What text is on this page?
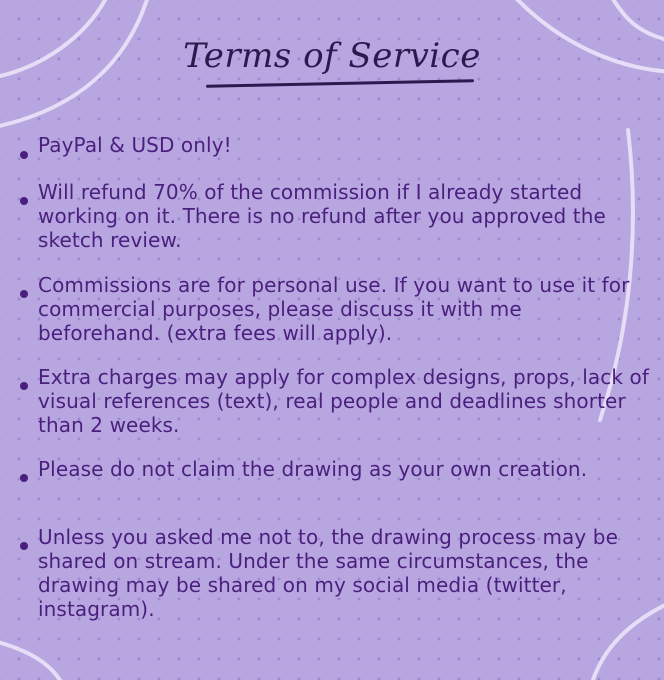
Terms of Service

PayPal & USD only!

Will refund 70% of the commission if I already started working on it. There is no refund after you approved the sketch review.

Commissions are for personal use. If you want to use it for commercial purposes, please discuss it with me beforehand. (extra fees will apply).

Extra charges may apply for complex designs, props, lack of visual references (text), real people and deadlines shorter than 2 weeks.

Please do not claim the drawing as your own creation.

Unless you asked me not to, the drawing process may be shared on stream. Under the same circumstances, the drawing may be shared on my social media (twitter, instagram).
